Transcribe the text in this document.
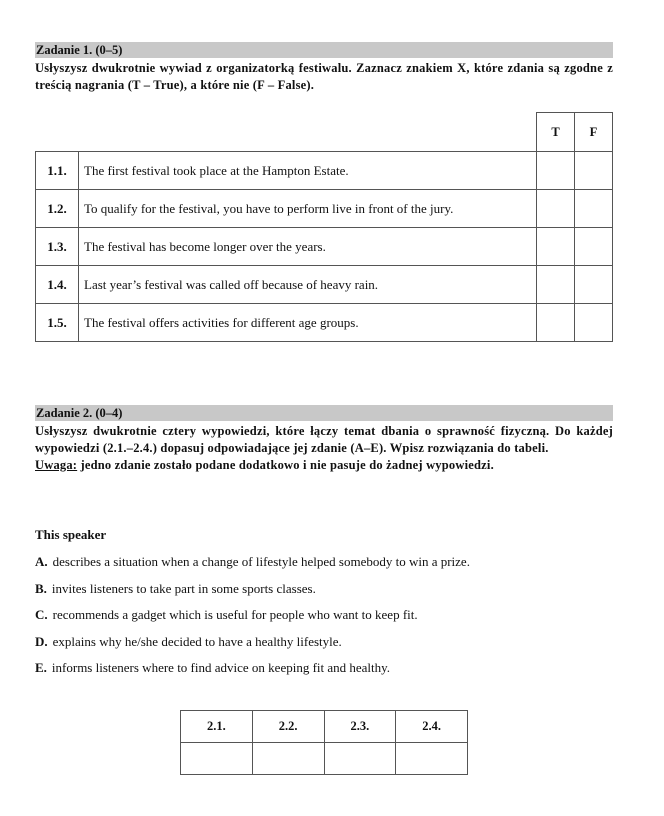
Zadanie 1. (0–5)

Usłyszysz dwukrotnie wywiad z organizatorką festiwalu. Zaznacz znakiem X, które zdania są zgodne z treścią nagrania (T – True), a które nie (F – False).

		T	F
1.1.	The first festival took place at the Hampton Estate.		
1.2.	To qualify for the festival, you have to perform live in front of the jury.		
1.3.	The festival has become longer over the years.		
1.4.	Last year’s festival was called off because of heavy rain.		
1.5.	The festival offers activities for different age groups.		
Zadanie 2. (0–4)

Usłyszysz dwukrotnie cztery wypowiedzi, które łączy temat dbania o sprawność fizyczną. Do każdej wypowiedzi (2.1.–2.4.) dopasuj odpowiadające jej zdanie (A–E). Wpisz rozwiązania do tabeli.

Uwaga: jedno zdanie zostało podane dodatkowo i nie pasuje do żadnej wypowiedzi.

This speaker
A. describes a situation when a change of lifestyle helped somebody to win a prize.
B. invites listeners to take part in some sports classes.
C. recommends a gadget which is useful for people who want to keep fit.
D. explains why he/she decided to have a healthy lifestyle.
E. informs listeners where to find advice on keeping fit and healthy.
2.1.	2.2.	2.3.	2.4.
